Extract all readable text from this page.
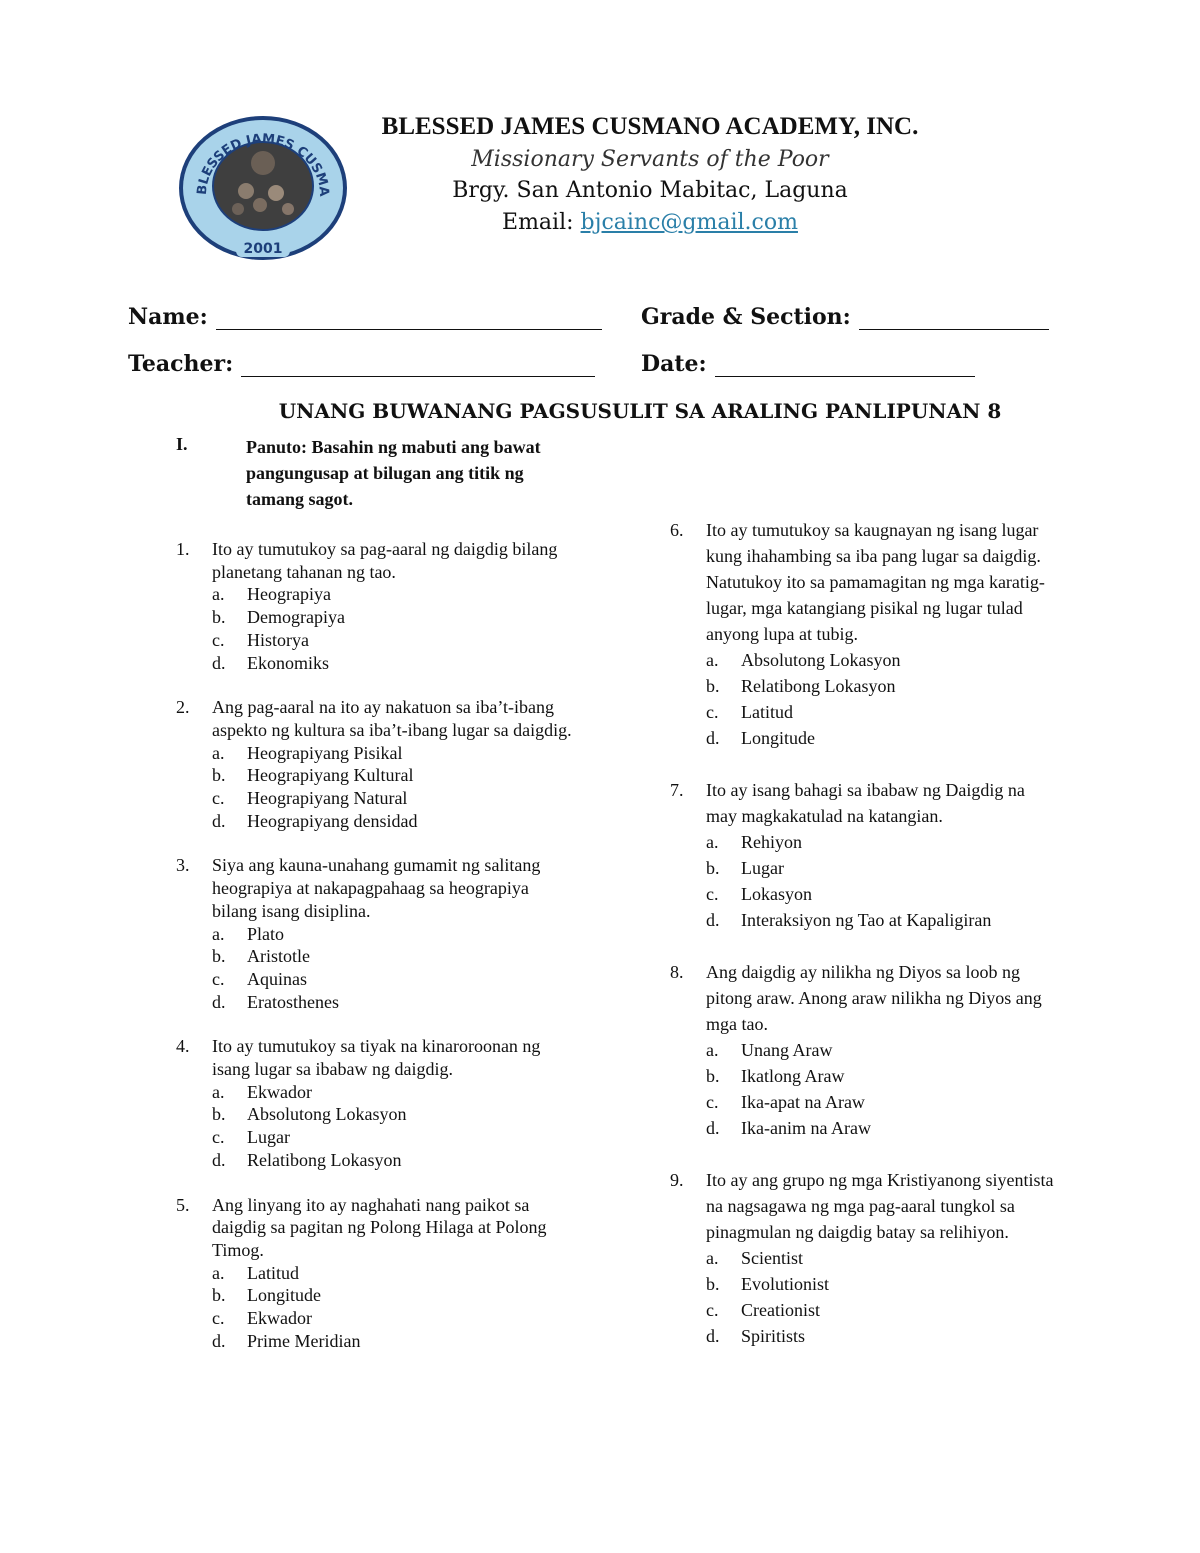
BLESSED JAMES CUSMA
2001
BLESSED JAMES CUSMANO ACADEMY, INC.
Missionary Servants of the Poor
Brgy. San Antonio Mabitac, Laguna
Email: bjcainc@gmail.com
Name:	Grade & Section:
Teacher:	Date:
UNANG BUWANANG PAGSUSULIT SA ARALING PANLIPUNAN 8
I.	Panuto: Basahin ng mabuti ang bawat pangungusap at bilugan ang titik ng tamang sagot.
1. Ito ay tumutukoy sa pag-aaral ng daigdig bilang planetang tahanan ng tao.
a. Heograpiya
b. Demograpiya
c. Historya
d. Ekonomiks
2. Ang pag-aaral na ito ay nakatuon sa iba’t-ibang aspekto ng kultura sa iba’t-ibang lugar sa daigdig.
a. Heograpiyang Pisikal
b. Heograpiyang Kultural
c. Heograpiyang Natural
d. Heograpiyang densidad
3. Siya ang kauna-unahang gumamit ng salitang heograpiya at nakapagpahaag sa heograpiya bilang isang disiplina.
a. Plato
b. Aristotle
c. Aquinas
d. Eratosthenes
4. Ito ay tumutukoy sa tiyak na kinaroroonan ng isang lugar sa ibabaw ng daigdig.
a. Ekwador
b. Absolutong Lokasyon
c. Lugar
d. Relatibong Lokasyon
5. Ang linyang ito ay naghahati nang paikot sa daigdig sa pagitan ng Polong Hilaga at Polong Timog.
a. Latitud
b. Longitude
c. Ekwador
d. Prime Meridian
6. Ito ay tumutukoy sa kaugnayan ng isang lugar kung ihahambing sa iba pang lugar sa daigdig. Natutukoy ito sa pamamagitan ng mga karatig-lugar, mga katangiang pisikal ng lugar tulad anyong lupa at tubig.
a. Absolutong Lokasyon
b. Relatibong Lokasyon
c. Latitud
d. Longitude
7. Ito ay isang bahagi sa ibabaw ng Daigdig na may magkakatulad na katangian.
a. Rehiyon
b. Lugar
c. Lokasyon
d. Interaksiyon ng Tao at Kapaligiran
8. Ang daigdig ay nilikha ng Diyos sa loob ng pitong araw. Anong araw nilikha ng Diyos ang mga tao.
a. Unang Araw
b. Ikatlong Araw
c. Ika-apat na Araw
d. Ika-anim na Araw
9. Ito ay ang grupo ng mga Kristiyanong siyentista na nagsagawa ng mga pag-aaral tungkol sa pinagmulan ng daigdig batay sa relihiyon.
a. Scientist
b. Evolutionist
c. Creationist
d. Spiritists
